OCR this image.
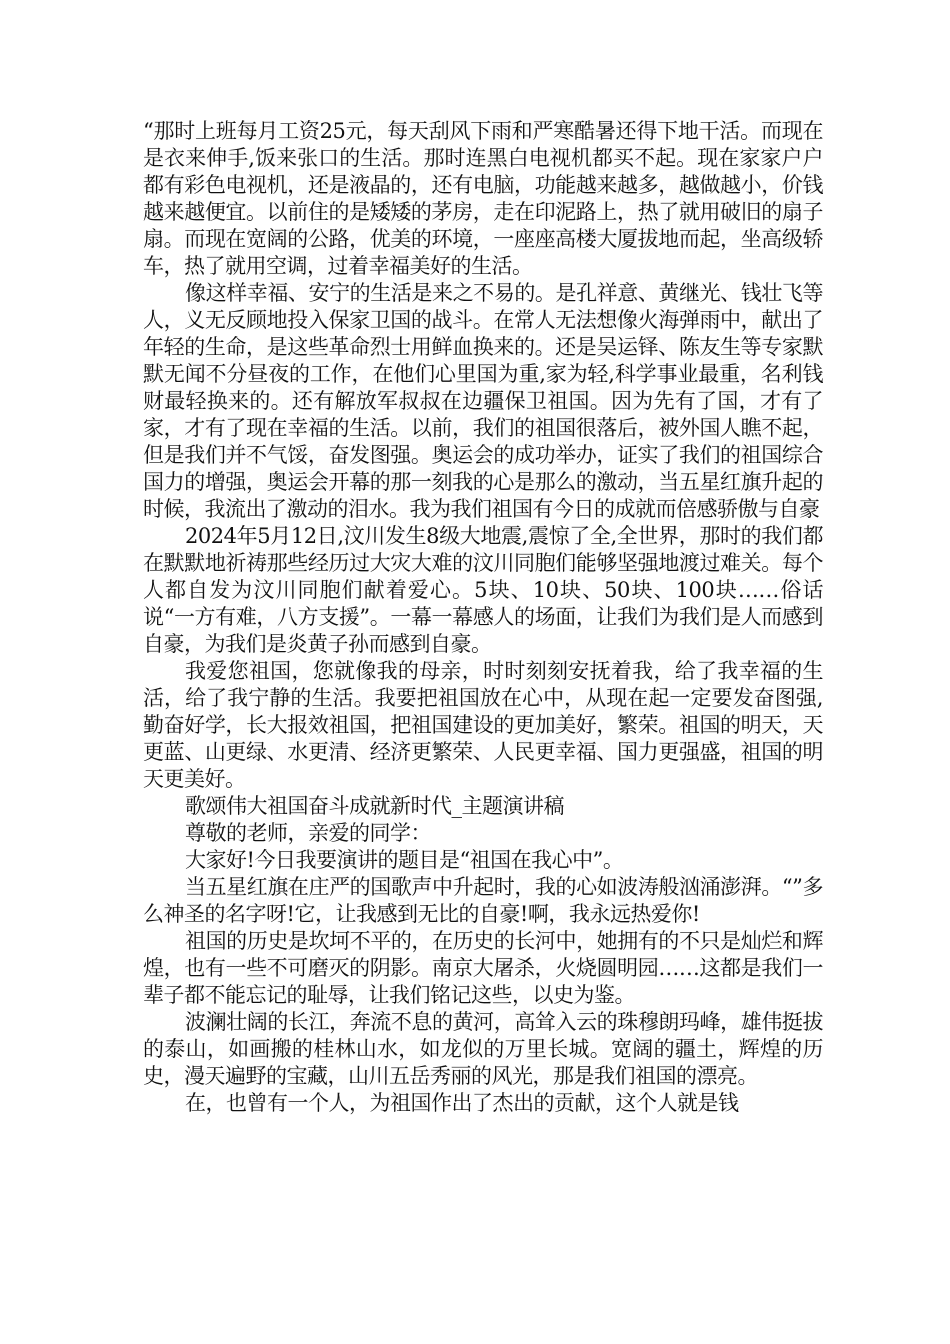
“那时上班每月工资25元，每天刮风下雨和严寒酷暑还得下地干活。而现在是衣来伸手,饭来张口的生活。那时连黑白电视机都买不起。现在家家户户都有彩色电视机，还是液晶的，还有电脑，功能越来越多，越做越小，价钱越来越便宜。以前住的是矮矮的茅房，走在印泥路上，热了就用破旧的扇子扇。而现在宽阔的公路，优美的环境，一座座高楼大厦拔地而起，坐高级轿车，热了就用空调，过着幸福美好的生活。

像这样幸福、安宁的生活是来之不易的。是孔祥意、黄继光、钱壮飞等人，义无反顾地投入保家卫国的战斗。在常人无法想像火海弹雨中，献出了年轻的生命，是这些革命烈士用鲜血换来的。还是吴运铎、陈友生等专家默默无闻不分昼夜的工作，在他们心里国为重,家为轻,科学事业最重，名利钱财最轻换来的。还有解放军叔叔在边疆保卫祖国。因为先有了国，才有了家，才有了现在幸福的生活。以前，我们的祖国很落后，被外国人瞧不起，但是我们并不气馁，奋发图强。奥运会的成功举办，证实了我们的祖国综合国力的增强，奥运会开幕的那一刻我的心是那么的激动，当五星红旗升起的时候，我流出了激动的泪水。我为我们祖国有今日的成就而倍感骄傲与自豪

2024年5月12日,汶川发生8级大地震,震惊了全,全世界，那时的我们都在默默地祈祷那些经历过大灾大难的汶川同胞们能够坚强地渡过难关。每个人都自发为汶川同胞们献着爱心。5块、10块、50块、100块……俗话说“一方有难，八方支援”。一幕一幕感人的场面，让我们为我们是人而感到自豪，为我们是炎黄子孙而感到自豪。

我爱您祖国，您就像我的母亲，时时刻刻安抚着我，给了我幸福的生活，给了我宁静的生活。我要把祖国放在心中，从现在起一定要发奋图强,勤奋好学，长大报效祖国，把祖国建设的更加美好，繁荣。祖国的明天，天更蓝、山更绿、水更清、经济更繁荣、人民更幸福、国力更强盛，祖国的明天更美好。

歌颂伟大祖国奋斗成就新时代_主题演讲稿

尊敬的老师，亲爱的同学：

大家好!今日我要演讲的题目是“祖国在我心中”。

当五星红旗在庄严的国歌声中升起时，我的心如波涛般汹涌澎湃。“”多么神圣的名字呀!它，让我感到无比的自豪!啊，我永远热爱你!

祖国的历史是坎坷不平的，在历史的长河中，她拥有的不只是灿烂和辉煌，也有一些不可磨灭的阴影。南京大屠杀，火烧圆明园……这都是我们一辈子都不能忘记的耻辱，让我们铭记这些，以史为鉴。

波澜壮阔的长江，奔流不息的黄河，高耸入云的珠穆朗玛峰，雄伟挺拔的泰山，如画搬的桂林山水，如龙似的万里长城。宽阔的疆土，辉煌的历史，漫天遍野的宝藏，山川五岳秀丽的风光，那是我们祖国的漂亮。

在，也曾有一个人，为祖国作出了杰出的贡献，这个人就是钱
